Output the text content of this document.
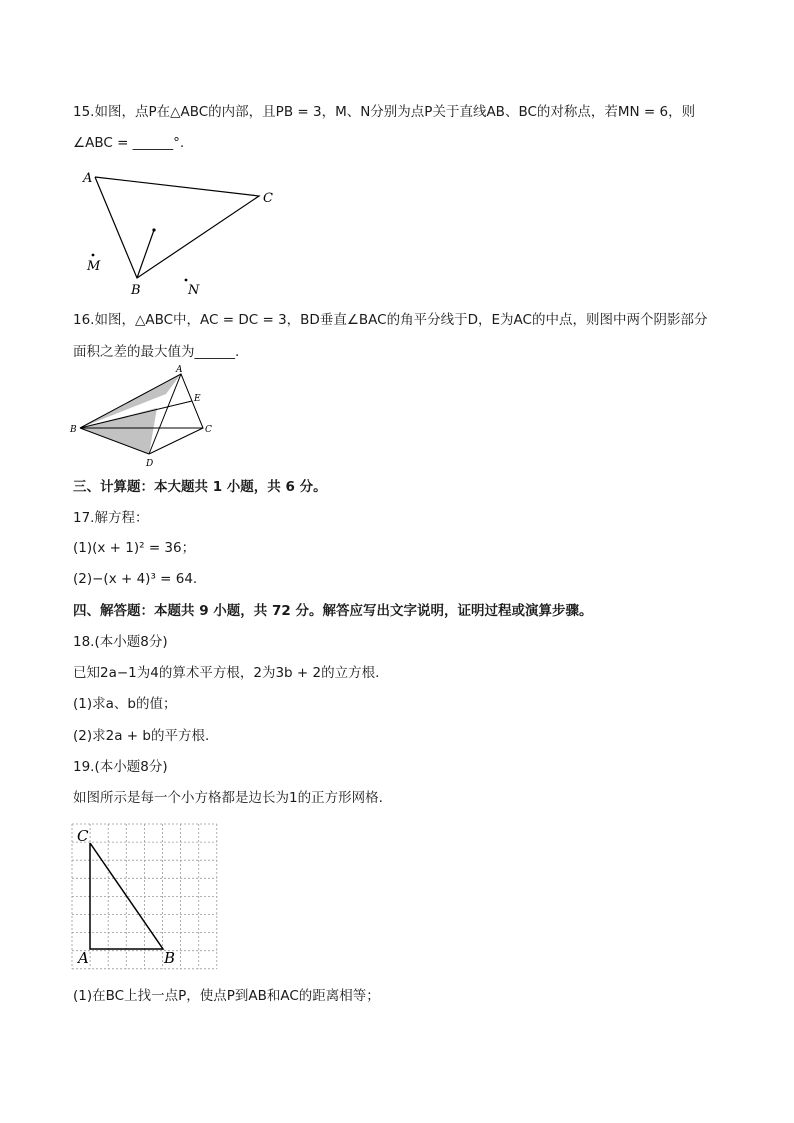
15.如图，点P在△ABC的内部，且PB = 3，M、N分别为点P关于直线AB、BC的对称点，若MN = 6，则
∠ABC = ______°.
A
C
B
M
N
16.如图，△ABC中，AC = DC = 3，BD垂直∠BAC的角平分线于D，E为AC的中点，则图中两个阴影部分
面积之差的最大值为______.
A
B	C
D
E
三、计算题：本大题共 1 小题，共 6 分。
17.解方程：
(1)(x + 1)² = 36；
(2)−(x + 4)³ = 64.
四、解答题：本题共 9 小题，共 72 分。解答应写出文字说明，证明过程或演算步骤。
18.(本小题8分)
已知2a−1为4的算术平方根，2为3b + 2的立方根.
(1)求a、b的值；
(2)求2a + b的平方根.
19.(本小题8分)
如图所示是每一个小方格都是边长为1的正方形网格.
C
A	B
(1)在BC上找一点P，使点P到AB和AC的距离相等；
